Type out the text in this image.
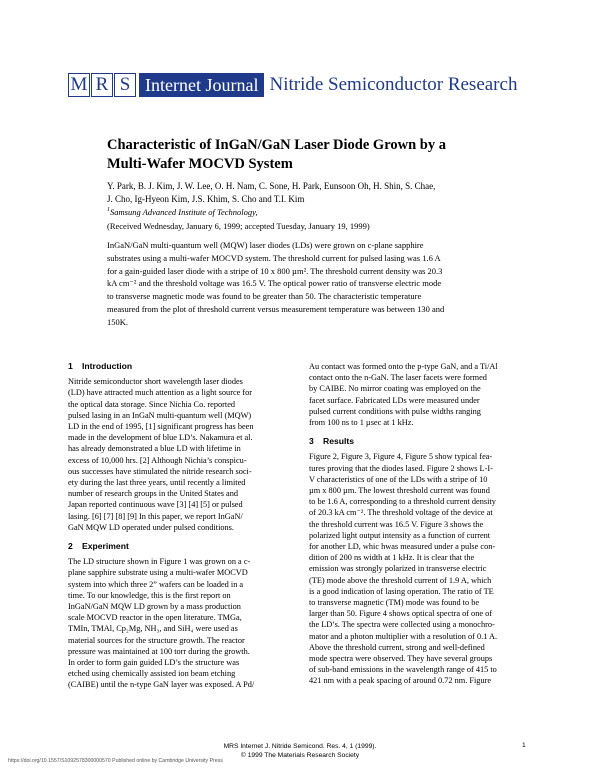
M R S Internet Journal Nitride Semiconductor Research
Characteristic of InGaN/GaN Laser Diode Grown by a
Multi-Wafer MOCVD System
Y. Park, B. J. Kim, J. W. Lee, O. H. Nam, C. Sone, H. Park, Eunsoon Oh, H. Shin, S. Chae,
J. Cho, Ig-Hyeon Kim, J.S. Khim, S. Cho and T.I. Kim
$^1$Samsung Advanced Institute of Technology,
(Received Wednesday, January 6, 1999; accepted Tuesday, January 19, 1999)
InGaN/GaN multi-quantum well (MQW) laser diodes (LDs) were grown on c-plane sapphire
substrates using a multi-wafer MOCVD system. The threshold current for pulsed lasing was 1.6 A
for a gain-guided laser diode with a stripe of 10 x 800 µm². The threshold current density was 20.3
kA cm⁻² and the threshold voltage was 16.5 V. The optical power ratio of transverse electric mode
to transverse magnetic mode was found to be greater than 50. The characteristic temperature
measured from the plot of threshold current versus measurement temperature was between 130 and
150K.
1 Introduction

Nitride semiconductor short wavelength laser diodes

(LD) have attracted much attention as a light source for

the optical data storage. Since Nichia Co. reported

pulsed lasing in an InGaN multi-quantum well (MQW)

LD in the end of 1995, [1] significant progress has been

made in the development of blue LD’s. Nakamura et al.

has already demonstrated a blue LD with lifetime in

excess of 10,000 hrs. [2] Although Nichia’s conspicu-

ous successes have stimulated the nitride research soci-

ety during the last three years, until recently a limited

number of research groups in the United States and

Japan reported continuous wave [3] [4] [5] or pulsed

lasing. [6] [7] [8] [9] In this paper, we report InGaN/

GaN MQW LD operated under pulsed conditions.

2 Experiment

The LD structure shown in Figure 1 was grown on a c-

plane sapphire substrate using a multi-wafer MOCVD

system into which three 2” wafers can be loaded in a

time. To our knowledge, this is the first report on

InGaN/GaN MQW LD grown by a mass production

scale MOCVD reactor in the open literature. TMGa,

TMIn, TMAl, Cp₂Mg, NH₃, and SiH₄ were used as

material sources for the structure growth. The reactor

pressure was maintained at 100 torr during the growth.

In order to form gain guided LD’s the structure was

etched using chemically assisted ion beam etching

(CAIBE) until the n-type GaN layer was exposed. A Pd/

Au contact was formed onto the p-type GaN, and a Ti/Al

contact onto the n-GaN. The laser facets were formed

by CAIBE. No mirror coating was employed on the

facet surface. Fabricated LDs were measured under

pulsed current conditions with pulse widths ranging

from 100 ns to 1 µsec at 1 kHz.

3 Results

Figure 2, Figure 3, Figure 4, Figure 5 show typical fea-

tures proving that the diodes lased. Figure 2 shows L-I-

V characteristics of one of the LDs with a stripe of 10

µm x 800 µm. The lowest threshold current was found

to be 1.6 A, corresponding to a threshold current density

of 20.3 kA cm⁻². The threshold voltage of the device at

the threshold current was 16.5 V. Figure 3 shows the

polarized light output intensity as a function of current

for another LD, whic hwas measured under a pulse con-

dition of 200 ns width at 1 kHz. It is clear that the

emission was strongly polarized in transverse electric

(TE) mode above the threshold current of 1.9 A, which

is a good indication of lasing operation. The ratio of TE

to transverse magnetic (TM) mode was found to be

larger than 50. Figure 4 shows optical spectra of one of

the LD’s. The spectra were collected using a monochro-

mator and a photon multiplier with a resolution of 0.1 A.

Above the threshold current, strong and well-defined

mode spectra were observed. They have several groups

of sub-band emissions in the wavelength range of 415 to

421 nm with a peak spacing of around 0.72 nm. Figure

MRS Internet J. Nitride Semicond. Res. 4, 1 (1999).
© 1999 The Materials Research Society
1
https://doi.org/10.1557/S1092578300000570 Published online by Cambridge University Press
